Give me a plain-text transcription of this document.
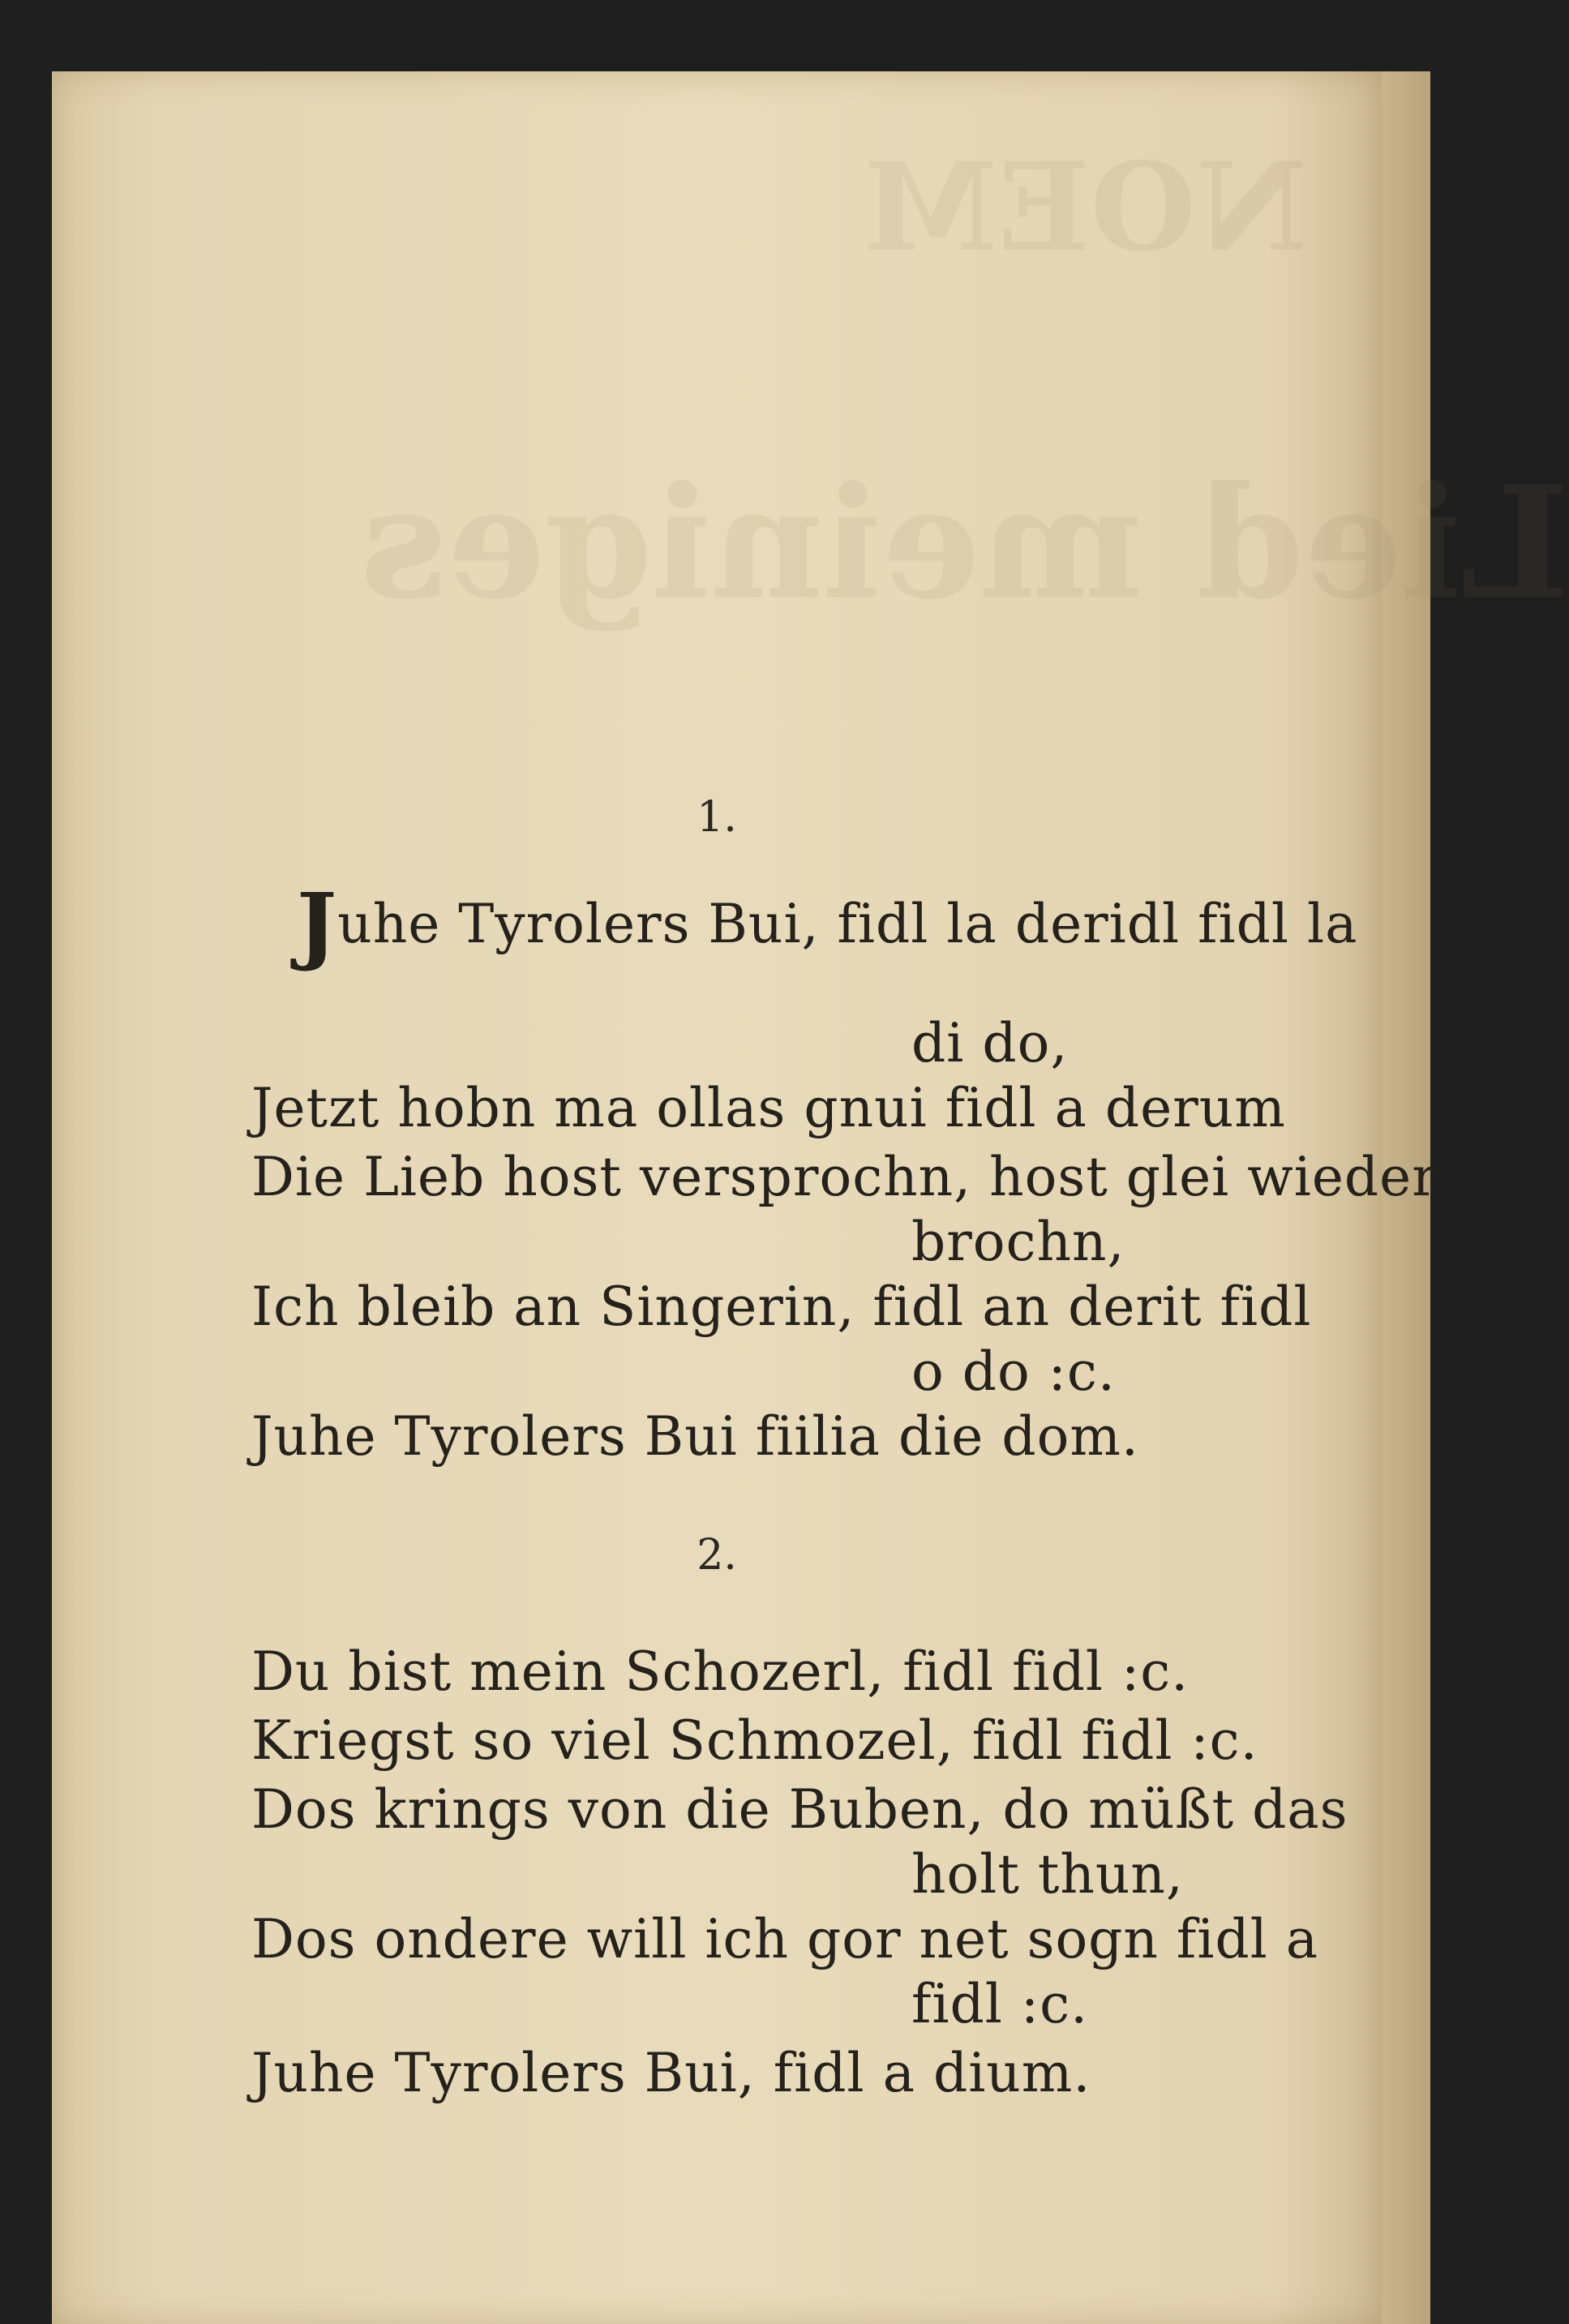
NOEM
Lied meiniges
1.
Juhe Tyrolers Bui, fidl la deridl fidl la
di do,
Jetzt hobn ma ollas gnui fidl a derum
Die Lieb host versprochn, host glei wieder
brochn,
Ich bleib an Singerin, fidl an derit fidl
o do :c.
Juhe Tyrolers Bui fiilia die dom.
2.
Du bist mein Schozerl, fidl fidl :c.
Kriegst so viel Schmozel, fidl fidl :c.
Dos krings von die Buben, do müßt das
holt thun,
Dos ondere will ich gor net sogn fidl a
fidl :c.
Juhe Tyrolers Bui, fidl a dium.
